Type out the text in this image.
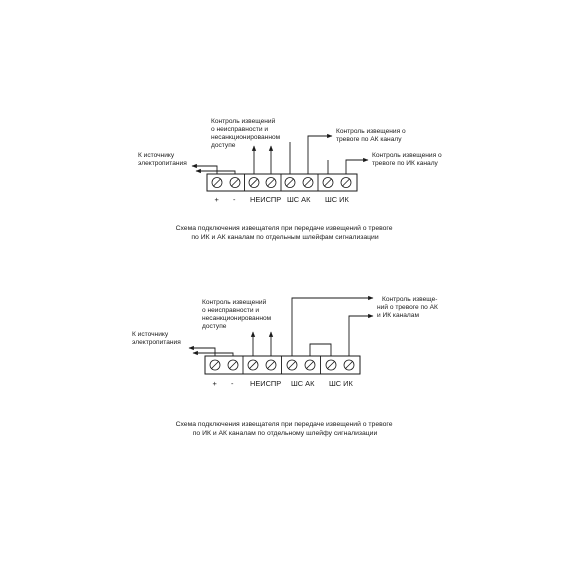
К источнику электропитания
Контроль извещений о неисправности и несанкционированном доступе
Контроль извещения о тревоге по АК каналу
Контроль извещения о тревоге по ИК каналу
+ - НЕИСПР ШС АК ШС ИК
Схема подключения извещателя при передаче извещений о тревоге по ИК и АК каналам по отдельным шлейфам сигнализации
К источнику электропитания
Контроль извещений о неисправности и несанкционированном доступе
Контроль извеще- ний о тревоге по АК и ИК каналам
+ - НЕИСПР ШС АК ШС ИК
Схема подключения извещателя при передаче извещений о тревоге по ИК и АК каналам по отдельному шлейфу сигнализации
